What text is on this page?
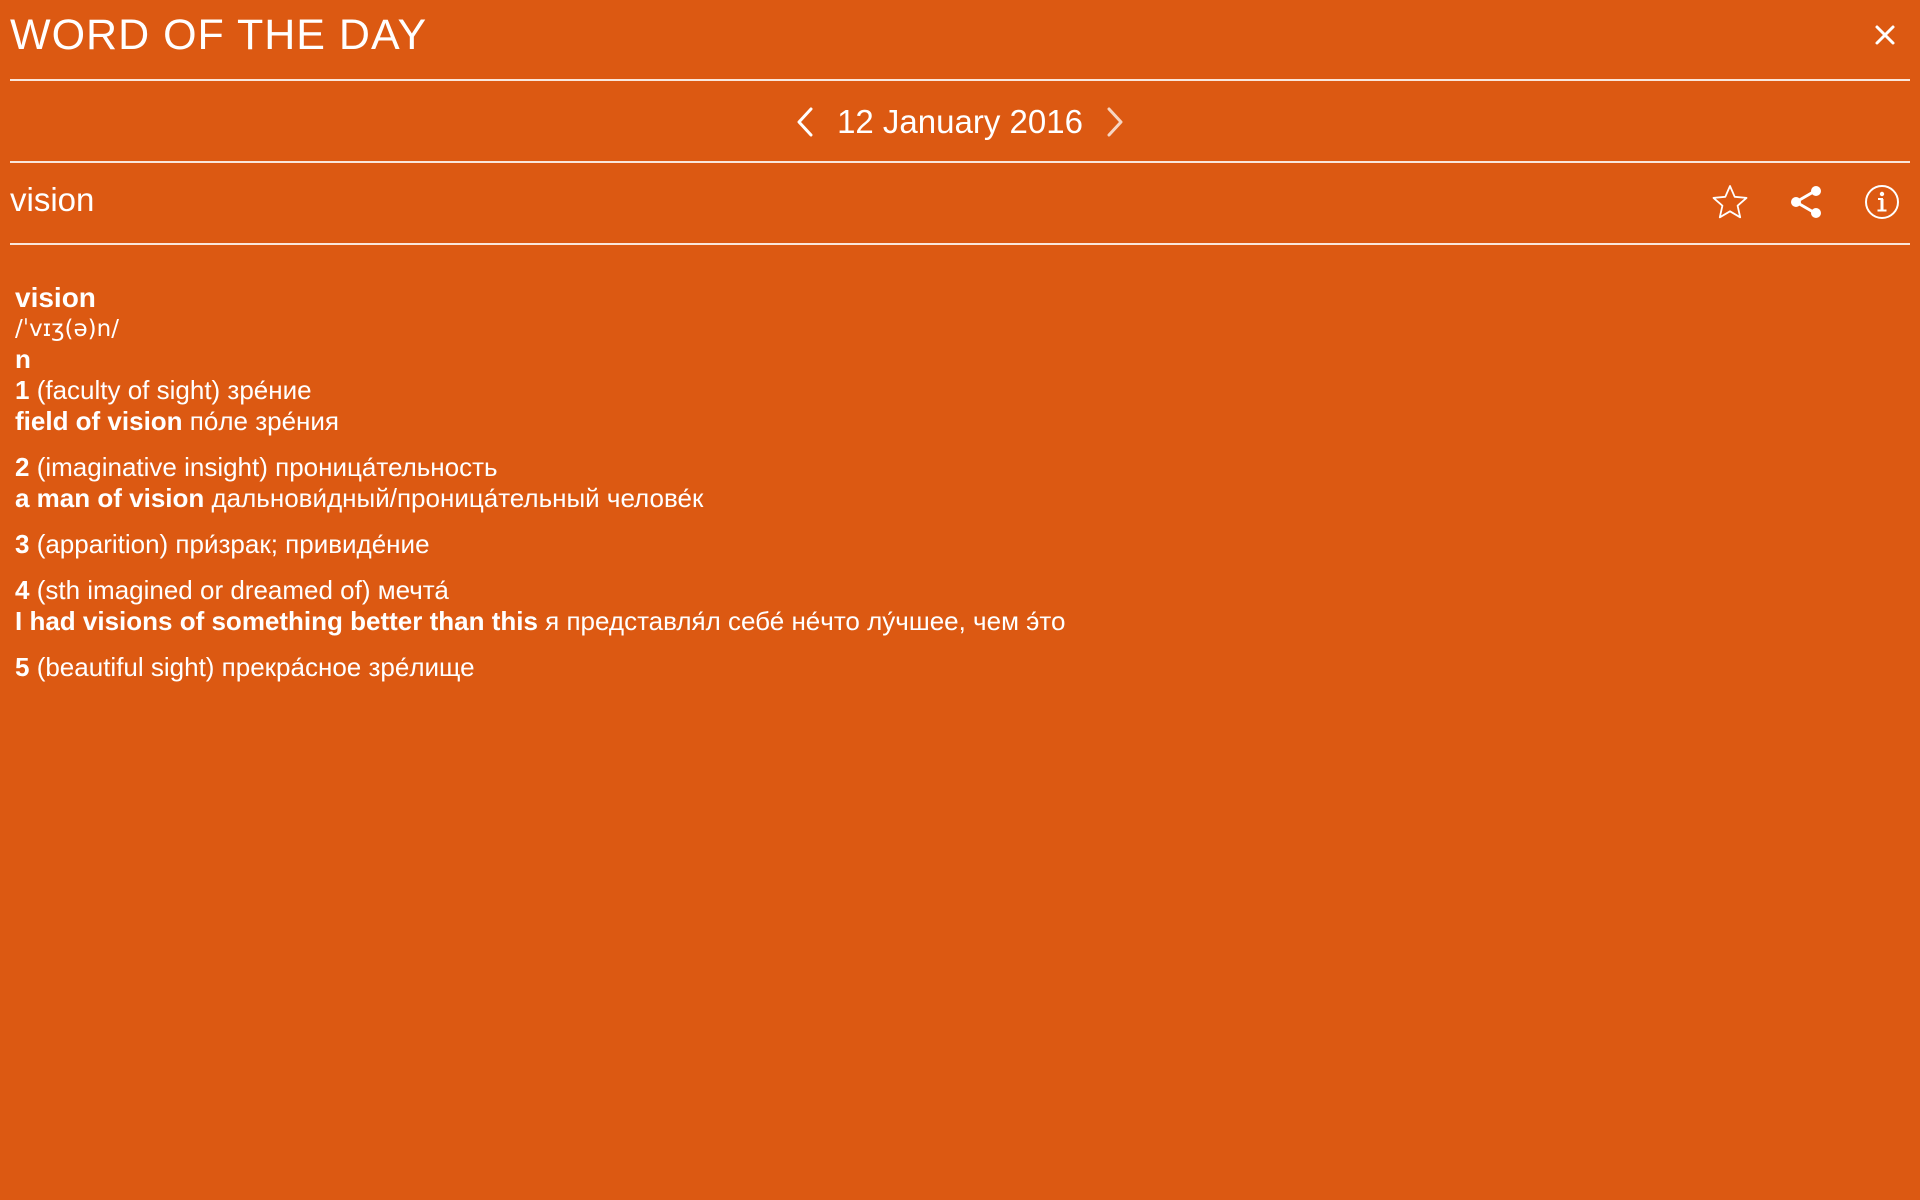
WORD OF THE DAY
12 January 2016
vision
vision
/ˈvɪʒ(ə)n/
n
1 (faculty of sight) зре́ние
field of vision по́ле зре́ния
2 (imaginative insight) проница́тельность
a man of vision дальнови́дный/проница́тельный челове́к
3 (apparition) при́зрак; привиде́ние
4 (sth imagined or dreamed of) мечта́
I had visions of something better than this я представля́л себе́ не́что лу́чшее, чем э́то
5 (beautiful sight) прекра́сное зре́лище
